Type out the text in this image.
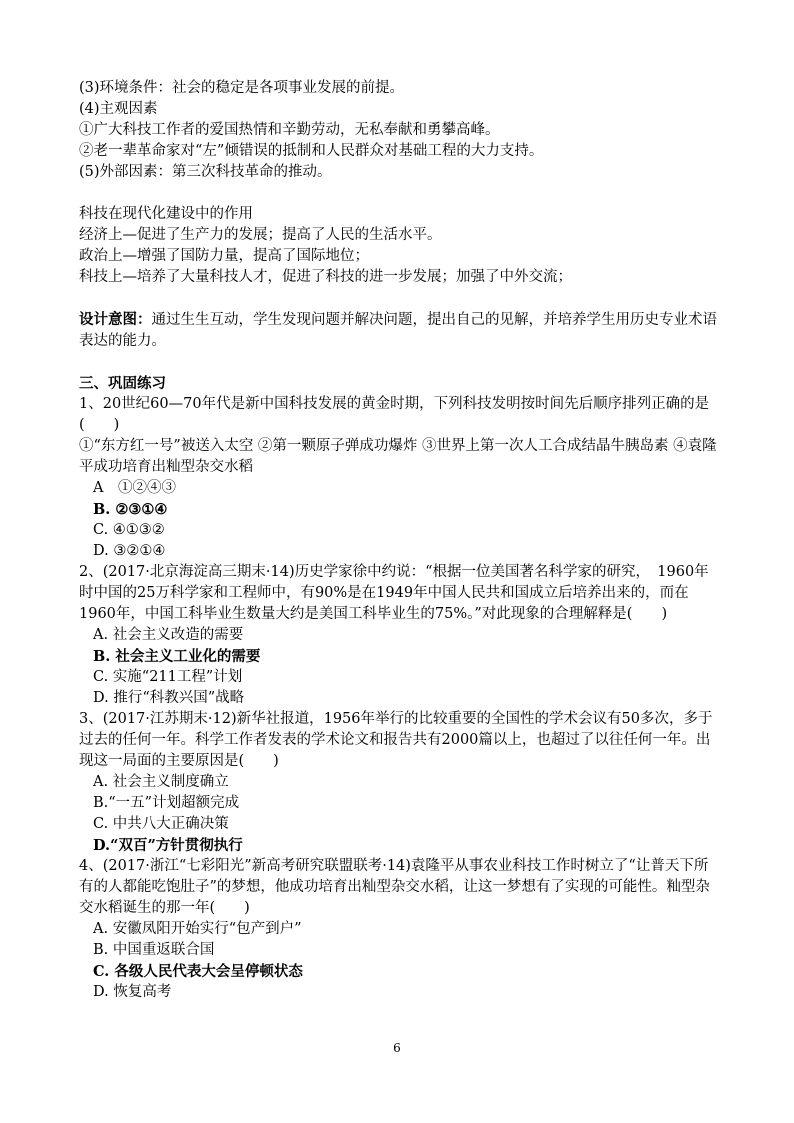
(3)环境条件：社会的稳定是各项事业发展的前提。

(4)主观因素

①广大科技工作者的爱国热情和辛勤劳动，无私奉献和勇攀高峰。

②老一辈革命家对“左”倾错误的抵制和人民群众对基础工程的大力支持。

(5)外部因素：第三次科技革命的推动。

科技在现代化建设中的作用

经济上—促进了生产力的发展；提高了人民的生活水平。

政治上—增强了国防力量，提高了国际地位；

科技上—培养了大量科技人才，促进了科技的进一步发展；加强了中外交流；

设计意图：通过生生互动，学生发现问题并解决问题，提出自己的见解，并培养学生用历史专业术语表达的能力。

三、巩固练习

1、20世纪60—70年代是新中国科技发展的黄金时期，下列科技发明按时间先后顺序排列正确的是(　　)

①“东方红一号”被送入太空 ②第一颗原子弹成功爆炸 ③世界上第一次人工合成结晶牛胰岛素 ④袁隆平成功培育出籼型杂交水稻

A　①②④③

B. ②③①④

C. ④①③②

D. ③②①④

2、(2017·北京海淀高三期末·14)历史学家徐中约说：“根据一位美国著名科学家的研究，　1960年时中国的25万科学家和工程师中，有90%是在1949年中国人民共和国成立后培养出来的，而在1960年，中国工科毕业生数量大约是美国工科毕业生的75%。”对此现象的合理解释是(　　)

A. 社会主义改造的需要

B. 社会主义工业化的需要

C. 实施“211工程”计划

D. 推行“科教兴国”战略

3、(2017·江苏期末·12)新华社报道，1956年举行的比较重要的全国性的学术会议有50多次，多于过去的任何一年。科学工作者发表的学术论文和报告共有2000篇以上，也超过了以往任何一年。出现这一局面的主要原因是(　　)

A. 社会主义制度确立

B.“一五”计划超额完成

C. 中共八大正确决策

D.“双百”方针贯彻执行

4、(2017·浙江“七彩阳光”新高考研究联盟联考·14)袁隆平从事农业科技工作时树立了“让普天下所有的人都能吃饱肚子”的梦想，他成功培育出籼型杂交水稻，让这一梦想有了实现的可能性。籼型杂交水稻诞生的那一年(　　)

A. 安徽凤阳开始实行“包产到户”

B. 中国重返联合国

C. 各级人民代表大会呈停顿状态

D. 恢复高考

6
